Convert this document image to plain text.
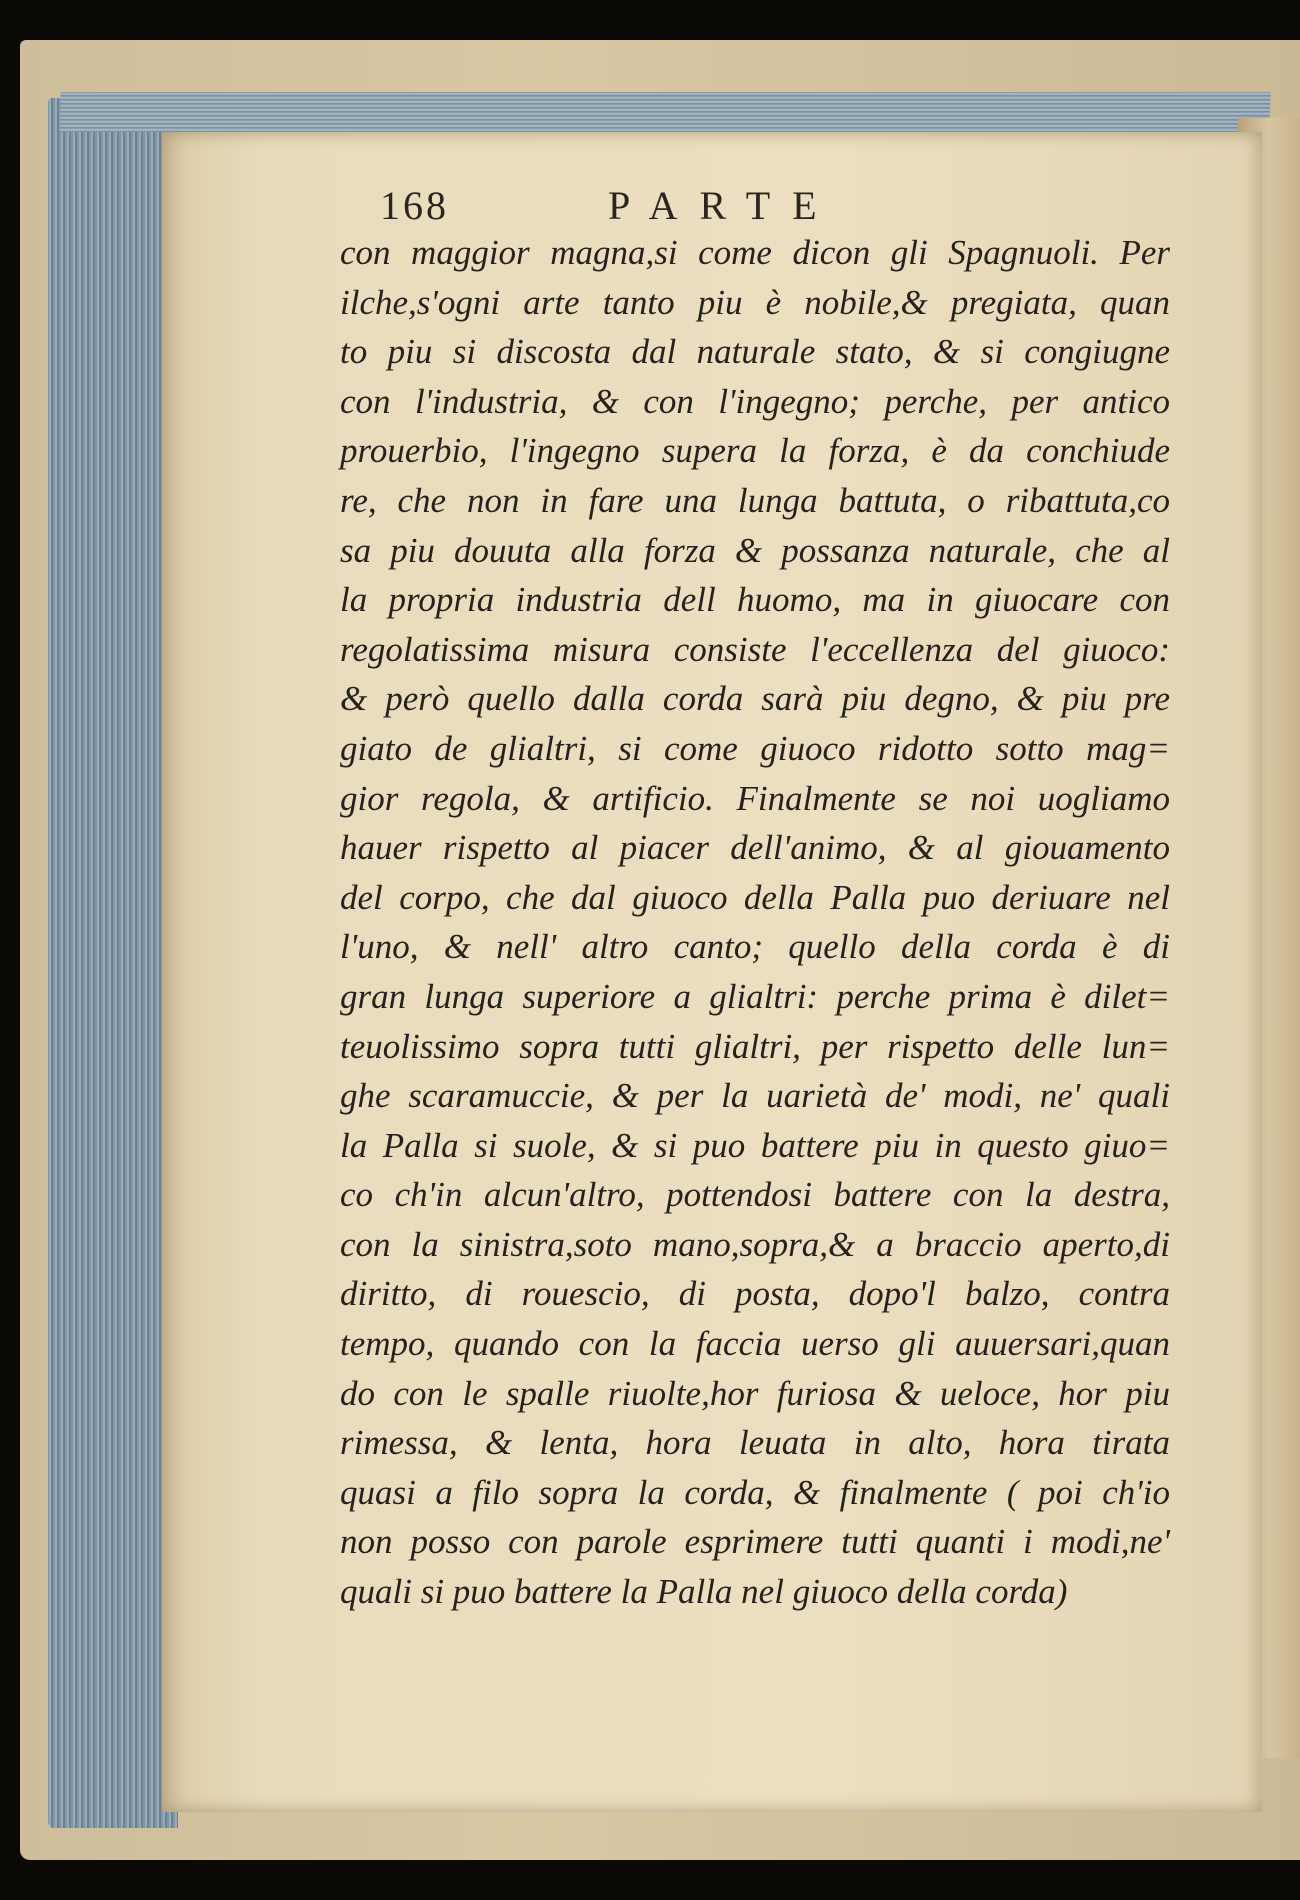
168	PARTE
con maggior magna,si come dicon gli Spagnuoli. Per
ilche,s'ogni arte tanto piu è nobile,& pregiata, quan
to piu si discosta dal naturale stato, & si congiugne
con l'industria, & con l'ingegno; perche, per antico
prouerbio, l'ingegno supera la forza, è da conchiude
re, che non in fare una lunga battuta, o ribattuta,co
sa piu douuta alla forza & possanza naturale, che al
la propria industria dell huomo, ma in giuocare con
regolatissima misura consiste l'eccellenza del giuoco:
& però quello dalla corda sarà piu degno, & piu pre
giato de glialtri, si come giuoco ridotto sotto mag=
gior regola, & artificio. Finalmente se noi uogliamo
hauer rispetto al piacer dell'animo, & al giouamento
del corpo, che dal giuoco della Palla puo deriuare nel
l'uno, & nell' altro canto; quello della corda è di
gran lunga superiore a glialtri: perche prima è dilet=
teuolissimo sopra tutti glialtri, per rispetto delle lun=
ghe scaramuccie, & per la uarietà de' modi, ne' quali
la Palla si suole, & si puo battere piu in questo giuo=
co ch'in alcun'altro, pottendosi battere con la destra,
con la sinistra,soto mano,sopra,& a braccio aperto,di
diritto, di rouescio, di posta, dopo'l balzo, contra
tempo, quando con la faccia uerso gli auuersari,quan
do con le spalle riuolte,hor furiosa & ueloce, hor piu
rimessa, & lenta, hora leuata in alto, hora tirata
quasi a filo sopra la corda, & finalmente ( poi ch'io
non posso con parole esprimere tutti quanti i modi,ne'
quali si puo battere la Palla nel giuoco della corda)
